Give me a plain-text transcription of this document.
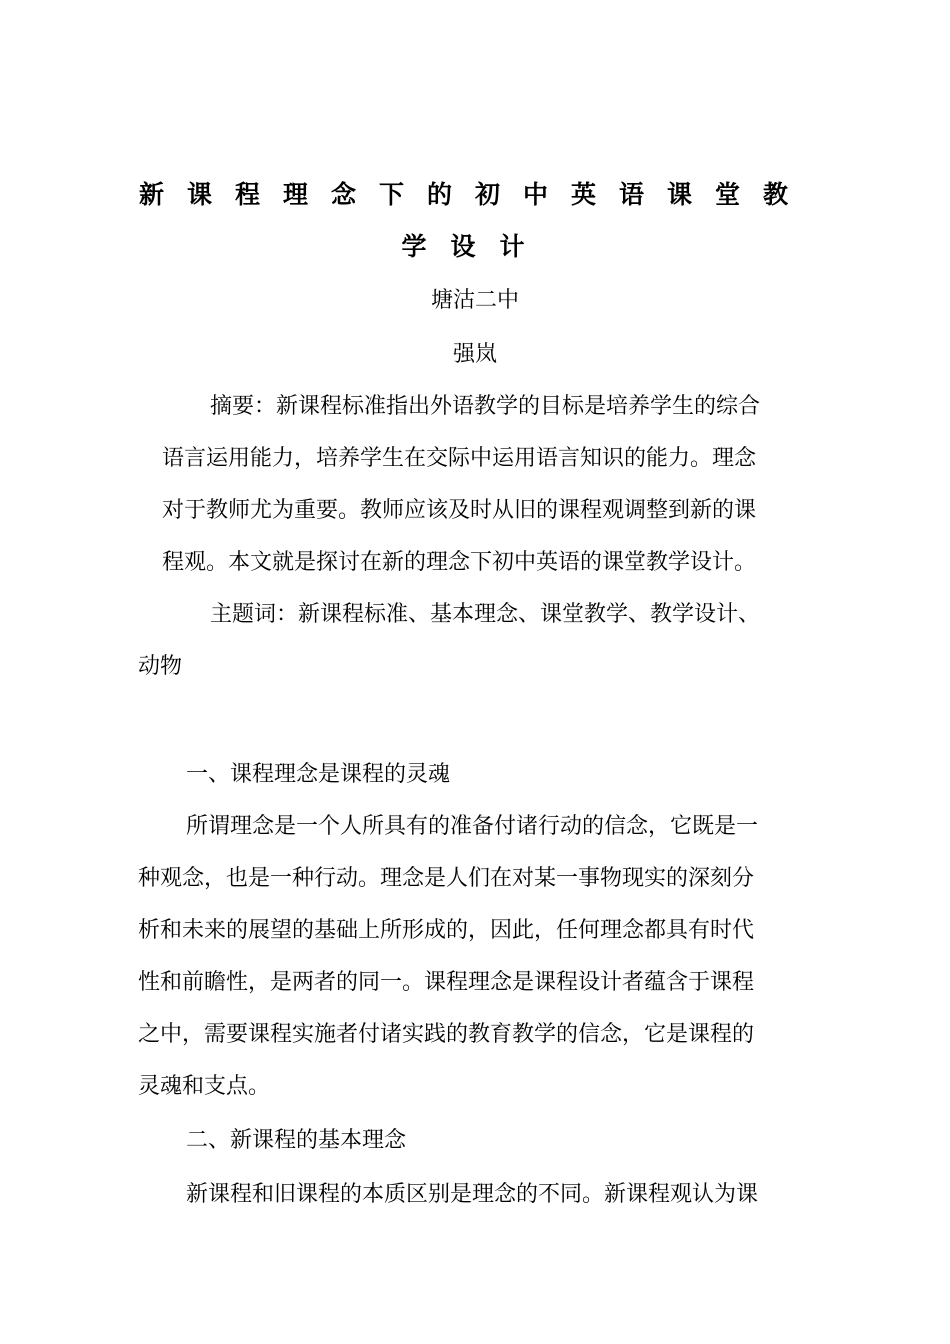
新课程理念下的初中英语课堂教
学设计
塘沽二中
强岚
摘要：新课程标准指出外语教学的目标是培养学生的综合
语言运用能力，培养学生在交际中运用语言知识的能力。理念
对于教师尤为重要。教师应该及时从旧的课程观调整到新的课
程观。本文就是探讨在新的理念下初中英语的课堂教学设计。
主题词：新课程标准、基本理念、课堂教学、教学设计、
动物
一、课程理念是课程的灵魂
所谓理念是一个人所具有的准备付诸行动的信念，它既是一
种观念，也是一种行动。理念是人们在对某一事物现实的深刻分
析和未来的展望的基础上所形成的，因此，任何理念都具有时代
性和前瞻性，是两者的同一。课程理念是课程设计者蕴含于课程
之中，需要课程实施者付诸实践的教育教学的信念，它是课程的
灵魂和支点。
二、新课程的基本理念
新课程和旧课程的本质区别是理念的不同。新课程观认为课
